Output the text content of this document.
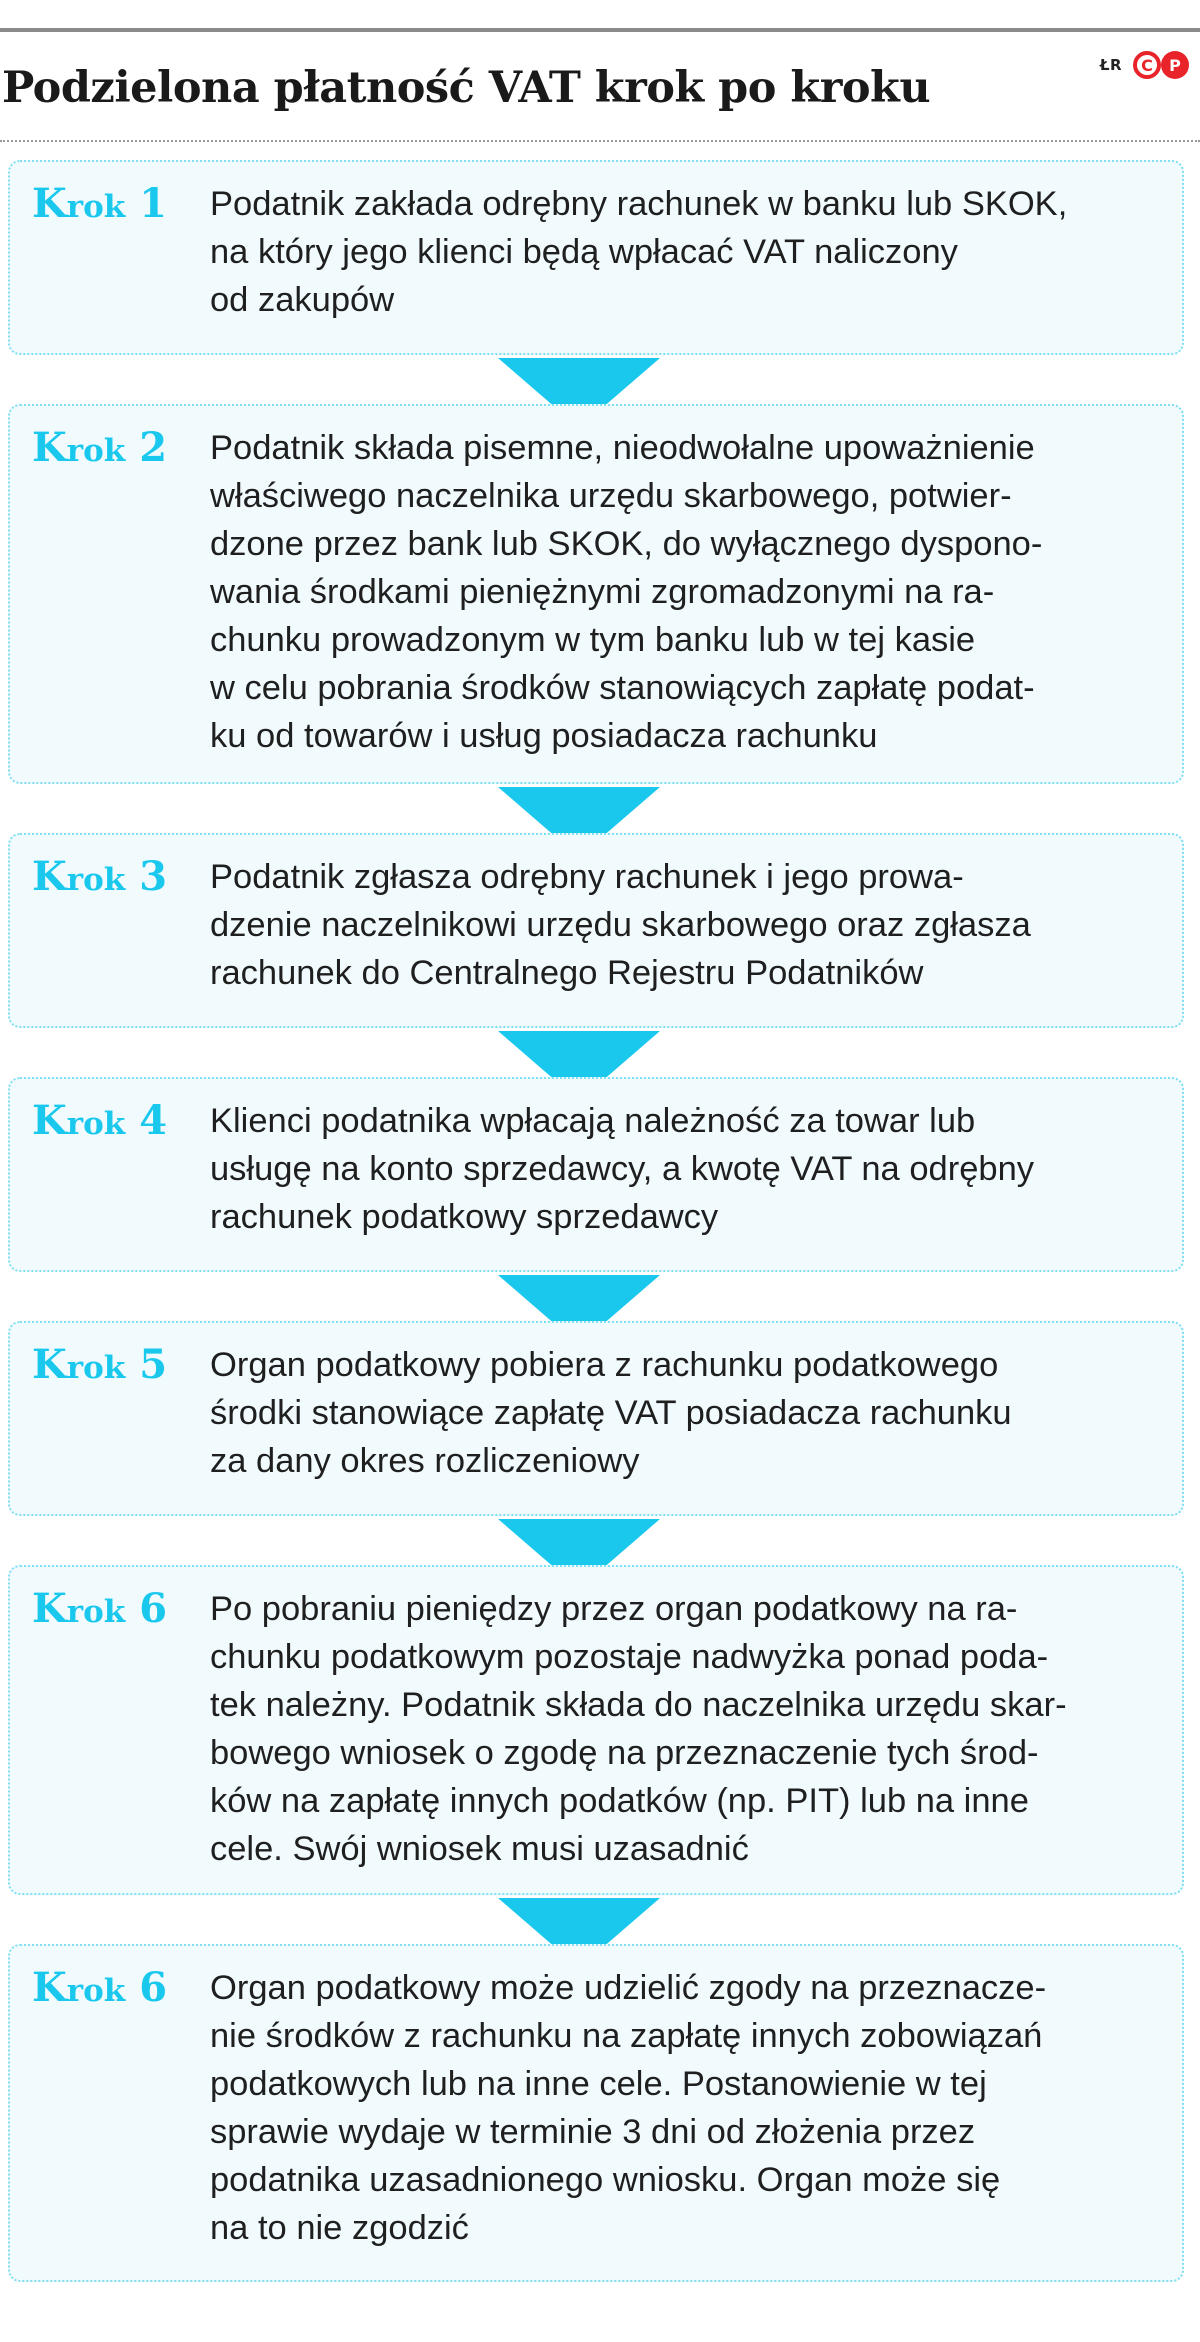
Podzielona płatność VAT krok po kroku	ŁR C P
Krok 1 Podatnik zakłada odrębny rachunek w banku lub SKOK,
na który jego klienci będą wpłacać VAT naliczony
od zakupów

Krok 2 Podatnik składa pisemne, nieodwołalne upoważnienie
właściwego naczelnika urzędu skarbowego, potwier-
dzone przez bank lub SKOK, do wyłącznego dyspono-
wania środkami pieniężnymi zgromadzonymi na ra-
chunku prowadzonym w tym banku lub w tej kasie
w celu pobrania środków stanowiących zapłatę podat-
ku od towarów i usług posiadacza rachunku

Krok 3 Podatnik zgłasza odrębny rachunek i jego prowa-
dzenie naczelnikowi urzędu skarbowego oraz zgłasza
rachunek do Centralnego Rejestru Podatników

Krok 4 Klienci podatnika wpłacają należność za towar lub
usługę na konto sprzedawcy, a kwotę VAT na odrębny
rachunek podatkowy sprzedawcy

Krok 5 Organ podatkowy pobiera z rachunku podatkowego
środki stanowiące zapłatę VAT posiadacza rachunku
za dany okres rozliczeniowy

Krok 6 Po pobraniu pieniędzy przez organ podatkowy na ra-
chunku podatkowym pozostaje nadwyżka ponad poda-
tek należny. Podatnik składa do naczelnika urzędu skar-
bowego wniosek o zgodę na przeznaczenie tych środ-
ków na zapłatę innych podatków (np. PIT) lub na inne
cele. Swój wniosek musi uzasadnić

Krok 6 Organ podatkowy może udzielić zgody na przeznacze-
nie środków z rachunku na zapłatę innych zobowiązań
podatkowych lub na inne cele. Postanowienie w tej
sprawie wydaje w terminie 3 dni od złożenia przez
podatnika uzasadnionego wniosku. Organ może się
na to nie zgodzić
